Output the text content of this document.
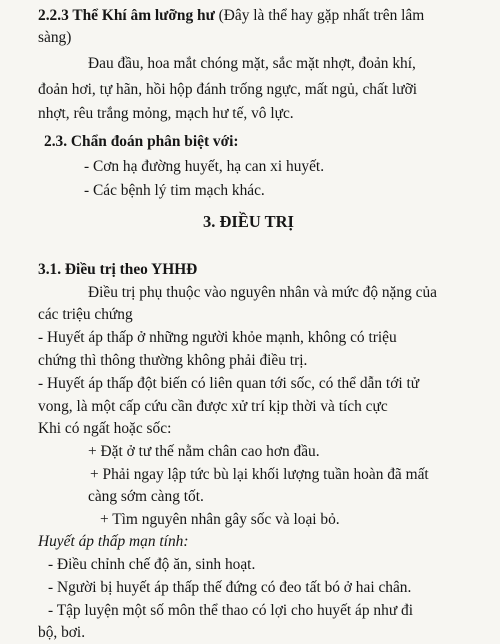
2.2.3 Thể Khí âm lưỡng hư (Đây là thể hay gặp nhất trên lâm
sàng)
Đau đầu, hoa mắt chóng mặt, sắc mặt nhợt, đoản khí,
đoản hơi, tự hãn, hồi hộp đánh trống ngực, mất ngủ, chất lưỡi
nhợt, rêu trắng mỏng, mạch hư tế, vô lực.
2.3. Chẩn đoán phân biệt với:
- Cơn hạ đường huyết, hạ can xi huyết.
- Các bệnh lý tim mạch khác.
3. ĐIỀU TRỊ
3.1. Điều trị theo YHHĐ
Điều trị phụ thuộc vào nguyên nhân và mức độ nặng của
các triệu chứng
- Huyết áp thấp ở những người khỏe mạnh, không có triệu
chứng thì thông thường không phải điều trị.
- Huyết áp thấp đột biến có liên quan tới sốc, có thể dẫn tới tử
vong, là một cấp cứu cần được xử trí kịp thời và tích cực
Khi có ngất hoặc sốc:
+ Đặt ở tư thế nằm chân cao hơn đầu.
+ Phải ngay lập tức bù lại khối lượng tuần hoàn đã mất
càng sớm càng tốt.
+ Tìm nguyên nhân gây sốc và loại bỏ.
Huyết áp thấp mạn tính:
- Điều chỉnh chế độ ăn, sinh hoạt.
- Người bị huyết áp thấp thế đứng có đeo tất bó ở hai chân.
- Tập luyện một số môn thể thao có lợi cho huyết áp như đi
bộ, bơi.
